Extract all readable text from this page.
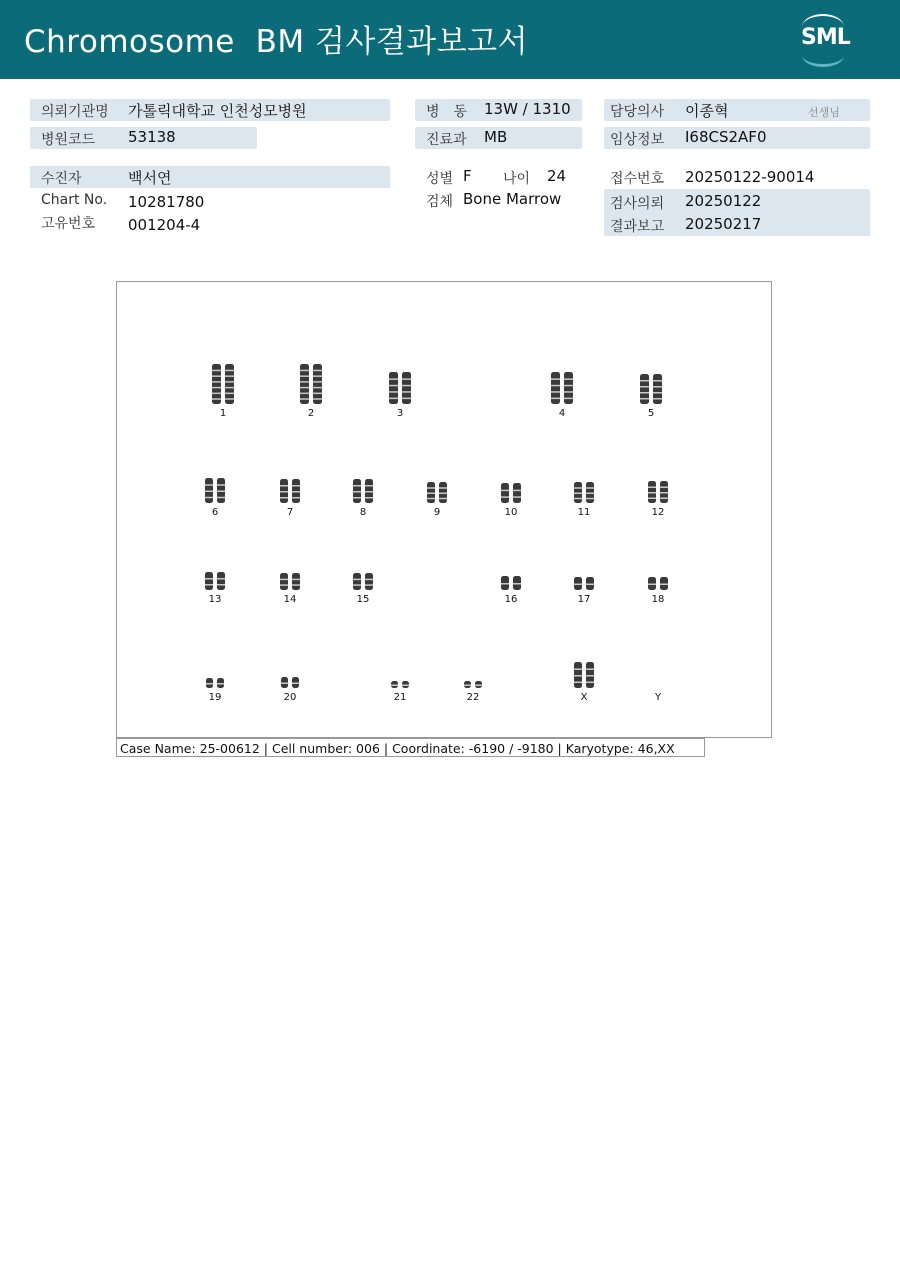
Chromosome  BM 검사결과보고서	SML
의뢰기관명 가톨릭대학교 인천성모병원
병원코드 53138
수진자	백서연
Chart No. 10281780
고유번호 001204-4
병　동 13W / 1310
진료과 MB
성별 F 나이 24
검체 Bone Marrow
담당의사 이종혁	선생님
임상정보 I68CS2AF0
접수번호 20250122-90014
검사의뢰 20250122
결과보고 20250217
1	2	3	4	5
6	7	8	9	10	11	12
13	14	15	16	17	18
19	20	21	22	X	Y
Case Name: 25-00612 | Cell number: 006 | Coordinate: -6190 / -9180 | Karyotype: 46,XX
